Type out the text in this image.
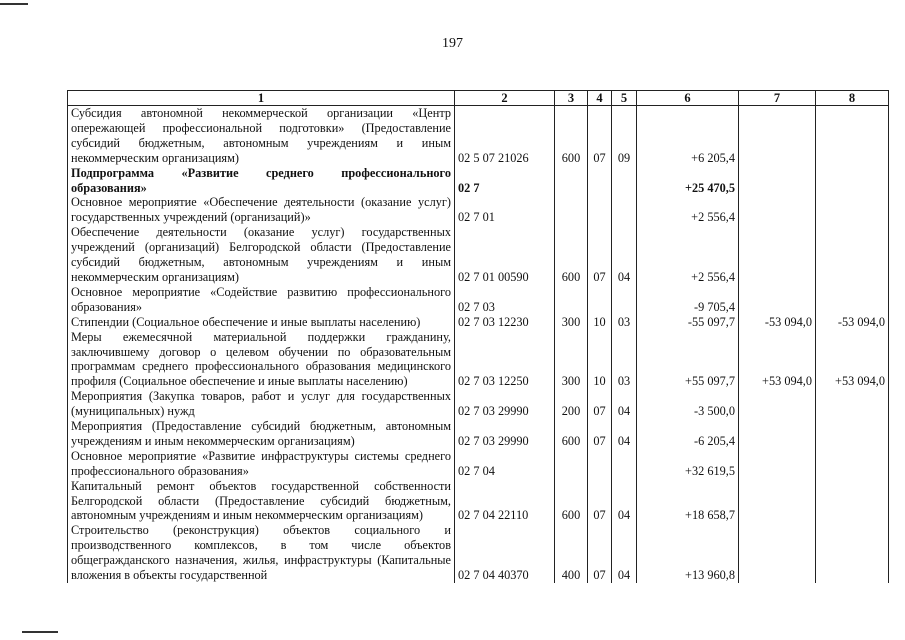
197
1	2	3	4	5	6	7	8
Субсидия автономной некоммерческой организации «Центр опережающей профессиональной подготовки» (Предоставление субсидий бюджетным, автономным учреждениям и иным некоммерческим организациям)	02 5 07 21026	600	07	09	+6 205,4		
Подпрограмма «Развитие среднего профессионального образования»	02 7				+25 470,5		
Основное мероприятие «Обеспечение деятельности (оказание услуг) государственных учреждений (организаций)»	02 7 01				+2 556,4		
Обеспечение деятельности (оказание услуг) государственных учреждений (организаций) Белгородской области (Предоставление субсидий бюджетным, автономным учреждениям и иным некоммерческим организациям)	02 7 01 00590	600	07	04	+2 556,4		
Основное мероприятие «Содействие развитию профессионального образования»	02 7 03				-9 705,4		
Стипендии (Социальное обеспечение и иные выплаты населению)	02 7 03 12230	300	10	03	-55 097,7	-53 094,0	-53 094,0
Меры ежемесячной материальной поддержки гражданину, заключившему договор о целевом обучении по образовательным программам среднего профессионального образования медицинского профиля (Социальное обеспечение и иные выплаты населению)	02 7 03 12250	300	10	03	+55 097,7	+53 094,0	+53 094,0
Мероприятия (Закупка товаров, работ и услуг для государственных (муниципальных) нужд	02 7 03 29990	200	07	04	-3 500,0		
Мероприятия (Предоставление субсидий бюджетным, автономным учреждениям и иным некоммерческим организациям)	02 7 03 29990	600	07	04	-6 205,4		
Основное мероприятие «Развитие инфраструктуры системы среднего профессионального образования»	02 7 04				+32 619,5		
Капитальный ремонт объектов государственной собственности Белгородской области (Предоставление субсидий бюджетным, автономным учреждениям и иным некоммерческим организациям)	02 7 04 22110	600	07	04	+18 658,7		
Строительство (реконструкция) объектов социального и производственного комплексов, в том числе объектов общегражданского назначения, жилья, инфраструктуры (Капитальные вложения в объекты государственной	02 7 04 40370	400	07	04	+13 960,8		
